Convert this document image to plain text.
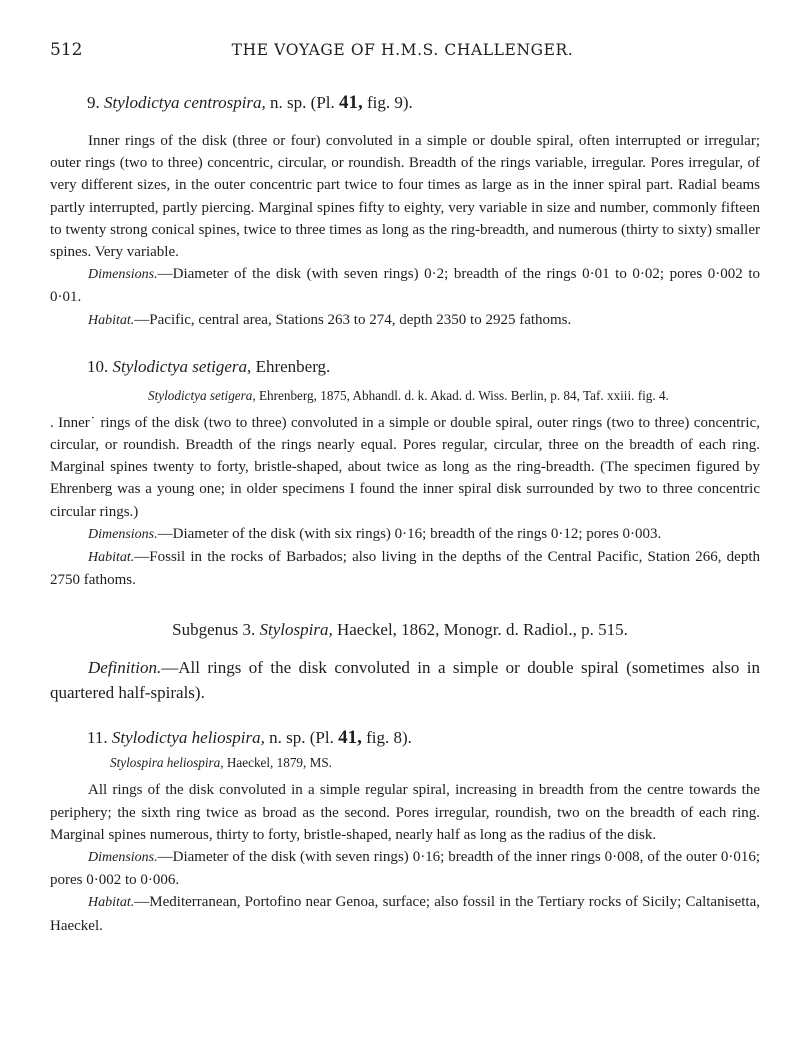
512	THE VOYAGE OF H.M.S. CHALLENGER.
9. Stylodictya centrospira, n. sp. (Pl. 41, fig. 9).

Inner rings of the disk (three or four) convoluted in a simple or double spiral, often interrupted or irregular; outer rings (two to three) concentric, circular, or roundish. Breadth of the rings variable, irregular. Pores irregular, of very different sizes, in the outer concentric part twice to four times as large as in the inner spiral part. Radial beams partly interrupted, partly piercing. Marginal spines fifty to eighty, very variable in size and number, commonly fifteen to twenty strong conical spines, twice to three times as long as the ring-breadth, and numerous (thirty to sixty) smaller spines. Very variable.

Dimensions.—Diameter of the disk (with seven rings) 0·2; breadth of the rings 0·01 to 0·02; pores 0·002 to 0·01.

Habitat.—Pacific, central area, Stations 263 to 274, depth 2350 to 2925 fathoms.

10. Stylodictya setigera, Ehrenberg.
Stylodictya setigera, Ehrenberg, 1875, Abhandl. d. k. Akad. d. Wiss. Berlin, p. 84, Taf. xxiii. fig. 4.

. Inner˙ rings of the disk (two to three) convoluted in a simple or double spiral, outer rings (two to three) concentric, circular, or roundish. Breadth of the rings nearly equal. Pores regular, circular, three on the breadth of each ring. Marginal spines twenty to forty, bristle-shaped, about twice as long as the ring-breadth. (The specimen figured by Ehrenberg was a young one; in older specimens I found the inner spiral disk surrounded by two to three concentric circular rings.)

Dimensions.—Diameter of the disk (with six rings) 0·16; breadth of the rings 0·12; pores 0·003.

Habitat.—Fossil in the rocks of Barbados; also living in the depths of the Central Pacific, Station 266, depth 2750 fathoms.

Subgenus 3. Stylospira, Haeckel, 1862, Monogr. d. Radiol., p. 515.

Definition.—All rings of the disk convoluted in a simple or double spiral (sometimes also in quartered half-spirals).

11. Stylodictya heliospira, n. sp. (Pl. 41, fig. 8).
Stylospira heliospira, Haeckel, 1879, MS.

All rings of the disk convoluted in a simple regular spiral, increasing in breadth from the centre towards the periphery; the sixth ring twice as broad as the second. Pores irregular, roundish, two on the breadth of each ring. Marginal spines numerous, thirty to forty, bristle-shaped, nearly half as long as the radius of the disk.

Dimensions.—Diameter of the disk (with seven rings) 0·16; breadth of the inner rings 0·008, of the outer 0·016; pores 0·002 to 0·006.

Habitat.—Mediterranean, Portofino near Genoa, surface; also fossil in the Tertiary rocks of Sicily; Caltanisetta, Haeckel.
